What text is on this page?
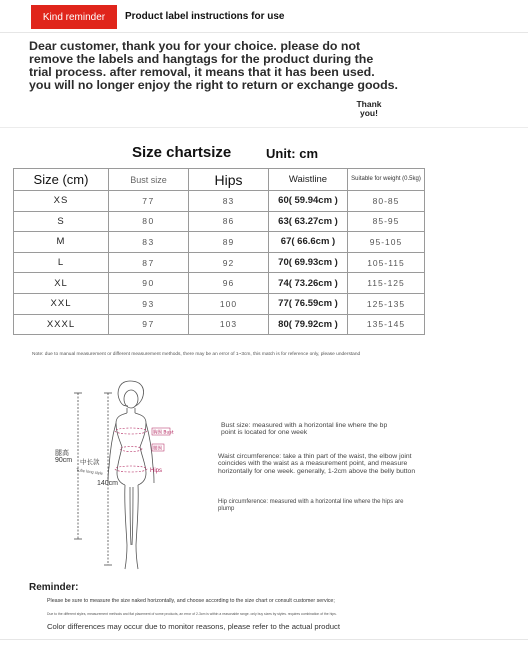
Kind reminder	Product label instructions for use
Dear customer, thank you for your choice. please do not remove the labels and hangtags for the product during the trial process. after removal, it means that it has been used. you will no longer enjoy the right to return or exchange goods.
Thank you!
Size chartsize	Unit: cm
Size (cm)	Bust size	Hips	Waistline	Suitable for weight (0.5kg)
XS	77	83	60( 59.94cm )	80-85
S	80	86	63( 63.27cm )	85-95
M	83	89	67( 66.6cm )	95-105
L	87	92	70( 69.93cm )	105-115
XL	90	96	74( 73.26cm )	115-125
XXL	93	100	77( 76.59cm )	125-135
XXXL	97	103	80( 79.92cm )	135-145
Note: due to manual measurement or different measurement methods, there may be an error of 1~3cm, this match is for reference only, please understand
胸围 Bust
腰围
Hips
腿高
90cm 中长款
Tube long style
140cm
Bust size: measured with a horizontal line where the bp point is located for one week
Waist circumference: take a thin part of the waist, the elbow joint coincides with the waist as a measurement point, and measure horizontally for one week. generally, 1-2cm above the belly button
Hip circumference: measured with a horizontal line where the hips are plump
Reminder:
Please be sure to measure the size naked horizontally, and choose according to the size chart or consult customer service;
Due to the different styles, measurement methods and flat placement of some products, an error of 2-3cm is within a reasonable range. only buy sizes by styles. requires combination of the hips.
Color differences may occur due to monitor reasons, please refer to the actual product
